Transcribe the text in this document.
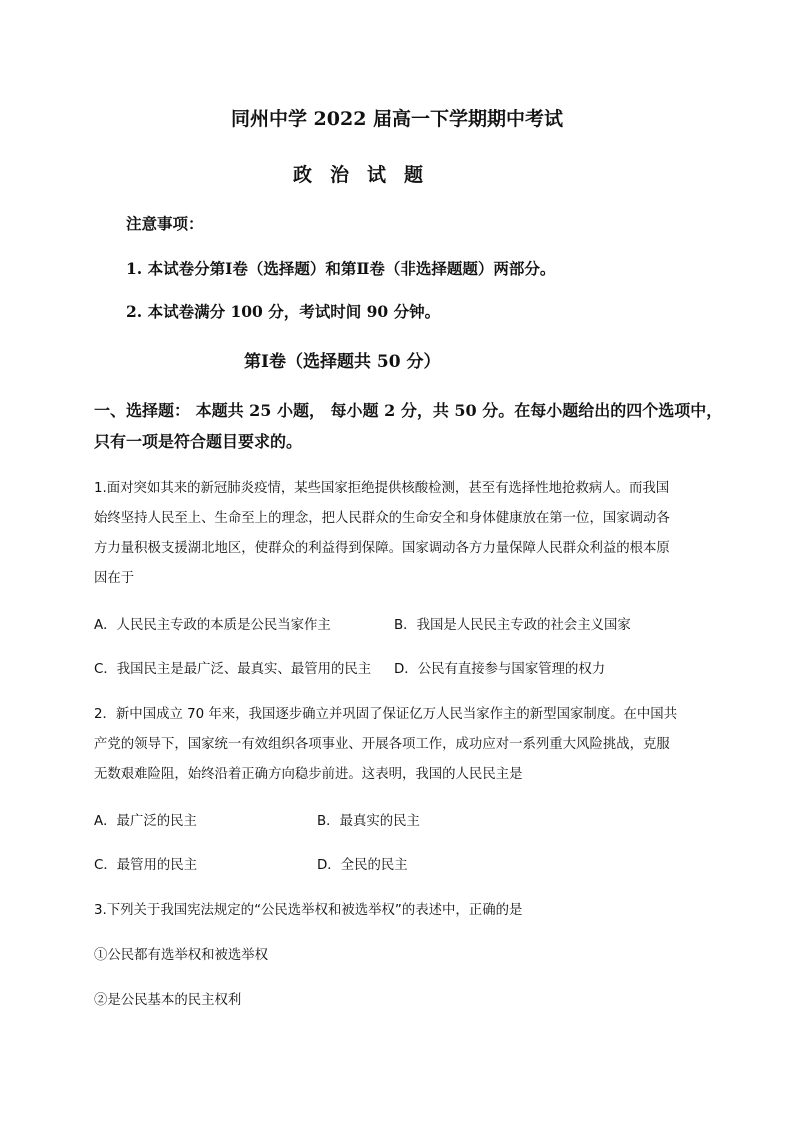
同州中学 2022 届高一下学期期中考试
政治试题
注意事项：
1. 本试卷分第Ⅰ卷（选择题）和第Ⅱ卷（非选择题题）两部分。
2. 本试卷满分 100 分，考试时间 90 分钟。
第Ⅰ卷（选择题共 50 分）
一、选择题： 本题共 25 小题， 每小题 2 分，共 50 分。在每小题给出的四个选项中，
只有一项是符合题目要求的。
1.面对突如其来的新冠肺炎疫情，某些国家拒绝提供核酸检测，甚至有选择性地抢救病人。而我国
始终坚持人民至上、生命至上的理念，把人民群众的生命安全和身体健康放在第一位，国家调动各
方力量积极支援湖北地区，使群众的利益得到保障。国家调动各方力量保障人民群众利益的根本原
因在于
A．人民民主专政的本质是公民当家作主	B．我国是人民民主专政的社会主义国家
C．我国民主是最广泛、最真实、最管用的民主 D．公民有直接参与国家管理的权力
2．新中国成立 70 年来，我国逐步确立并巩固了保证亿万人民当家作主的新型国家制度。在中国共
产党的领导下，国家统一有效组织各项事业、开展各项工作，成功应对一系列重大风险挑战，克服
无数艰难险阻，始终沿着正确方向稳步前进。这表明，我国的人民民主是
A．最广泛的民主	B．最真实的民主
C．最管用的民主	D．全民的民主
3.下列关于我国宪法规定的“公民选举权和被选举权”的表述中，正确的是
①公民都有选举权和被选举权
②是公民基本的民主权利
